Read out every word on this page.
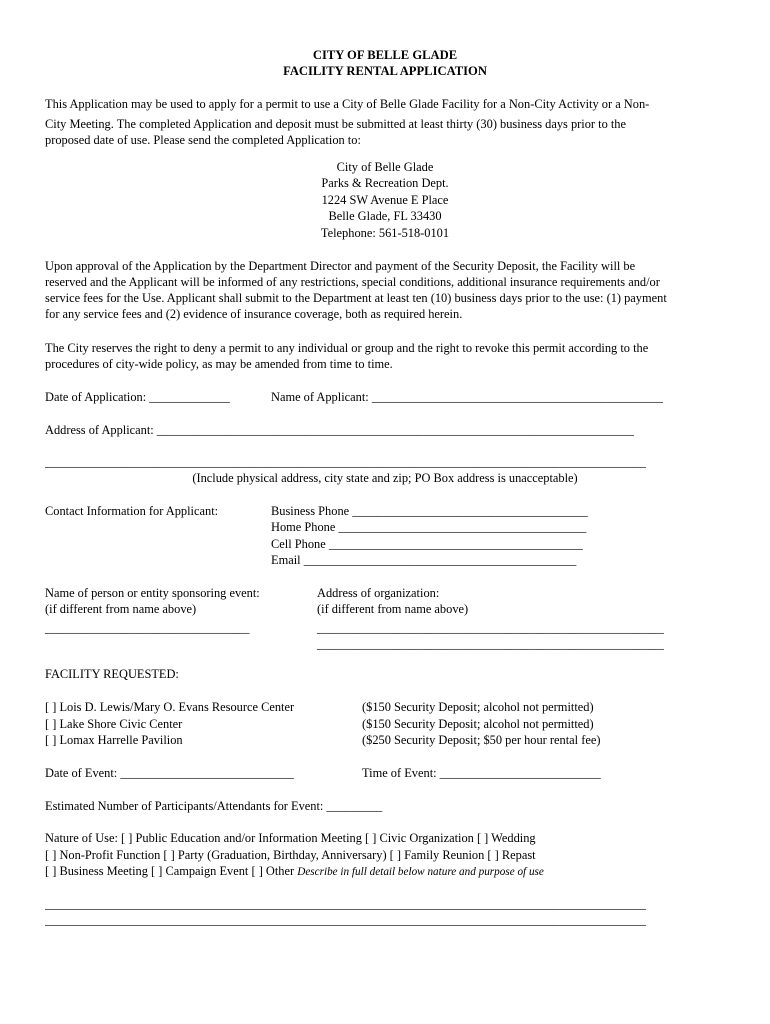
CITY OF BELLE GLADE
FACILITY RENTAL APPLICATION
This Application may be used to apply for a permit to use a City of Belle Glade Facility for a Non-City Activity or a Non-
City Meeting. The completed Application and deposit must be submitted at least thirty (30) business days prior to the
proposed date of use. Please send the completed Application to:
City of Belle Glade
Parks & Recreation Dept.
1224 SW Avenue E Place
Belle Glade, FL 33430
Telephone: 561-518-0101
Upon approval of the Application by the Department Director and payment of the Security Deposit, the Facility will be
reserved and the Applicant will be informed of any restrictions, special conditions, additional insurance requirements and/or
service fees for the Use. Applicant shall submit to the Department at least ten (10) business days prior to the use: (1) payment
for any service fees and (2) evidence of insurance coverage, both as required herein.
The City reserves the right to deny a permit to any individual or group and the right to revoke this permit according to the
procedures of city-wide policy, as may be amended from time to time.
Date of Application: _____________	Name of Applicant: _______________________________________________
Address of Applicant: _____________________________________________________________________________
_________________________________________________________________________________________________
(Include physical address, city state and zip; PO Box address is unacceptable)
Contact Information for Applicant:	Business Phone ______________________________________
Home Phone ________________________________________
Cell Phone _________________________________________
Email ____________________________________________
Name of person or entity sponsoring event:
(if different from name above)
_________________________________
Address of organization:
(if different from name above)
________________________________________________________
________________________________________________________
FACILITY REQUESTED:
[ ] Lois D. Lewis/Mary O. Evans Resource Center	($150 Security Deposit; alcohol not permitted)
[ ] Lake Shore Civic Center	($150 Security Deposit; alcohol not permitted)
[ ] Lomax Harrelle Pavilion	($250 Security Deposit; $50 per hour rental fee)
Date of Event: ____________________________	Time of Event: __________________________
Estimated Number of Participants/Attendants for Event: _________
Nature of Use: [ ] Public Education and/or Information Meeting [ ] Civic Organization [ ] Wedding
[ ] Non-Profit Function [ ] Party (Graduation, Birthday, Anniversary) [ ] Family Reunion [ ] Repast
[ ] Business Meeting [ ] Campaign Event [ ] Other Describe in full detail below nature and purpose of use
_________________________________________________________________________________________________
_________________________________________________________________________________________________
